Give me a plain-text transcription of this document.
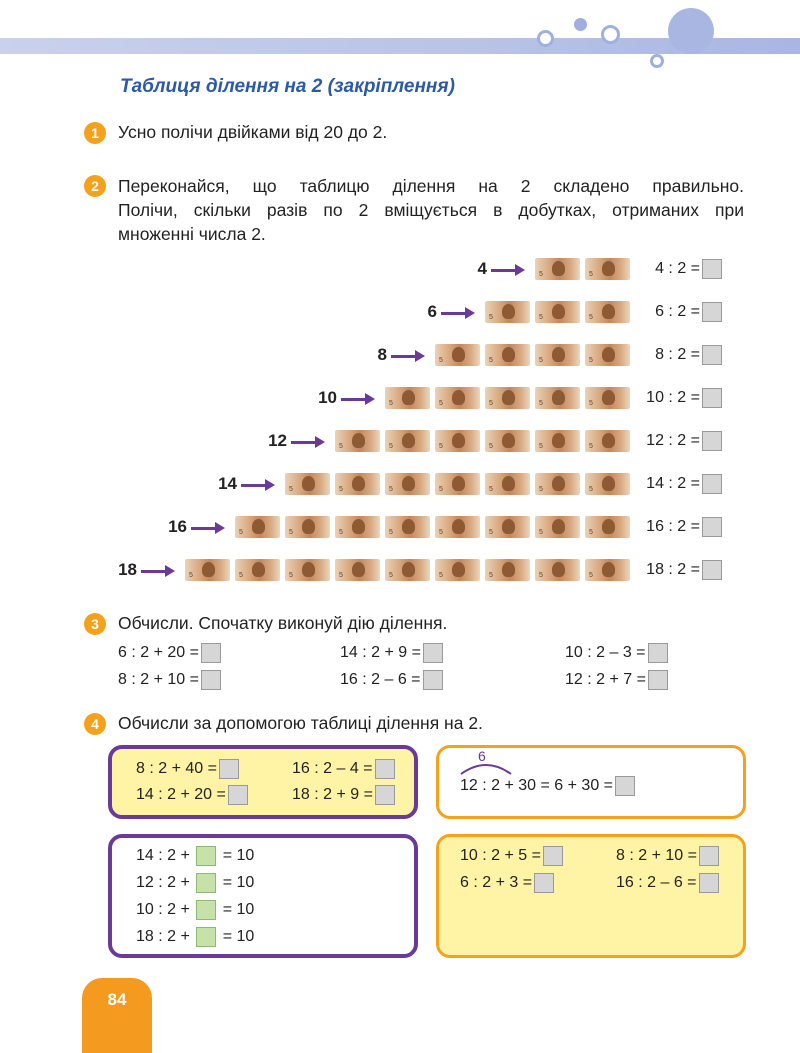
Таблиця ділення на 2 (закріплення)
1	Усно полічи двійками від 20 до 2.
2	Переконайся, що таблицю ділення на 2 складено правильно.
Полічи, скільки разів по 2 вміщується в добутках, отриманих при
множенні числа 2.
4	5	5	4 : 2 =
6	5	5	5	6 : 2 =
8	5	5	5	5	8 : 2 =
10	5	5	5	5	5	10 : 2 =
12	5	5	5	5	5	5	12 : 2 =
14	5	5	5	5	5	5	5	14 : 2 =
16	5	5	5	5	5	5	5	5	16 : 2 =
18	5	5	5	5	5	5	5	5	5	18 : 2 =
3	Обчисли. Спочатку виконуй дію ділення.
6 : 2 + 20 =	14 : 2 + 9 =	10 : 2 – 3 =
8 : 2 + 10 =	16 : 2 – 6 =	12 : 2 + 7 =
4	Обчисли за допомогою таблиці ділення на 2.
8 : 2 + 40 =	16 : 2 – 4 =
14 : 2 + 20 =	18 : 2 + 9 =
6
12 : 2 + 30 = 6 + 30 =
14 : 2 + = 10
12 : 2 + = 10
10 : 2 + = 10
18 : 2 + = 10
10 : 2 + 5 =	8 : 2 + 10 =
6 : 2 + 3 =	16 : 2 – 6 =
84
